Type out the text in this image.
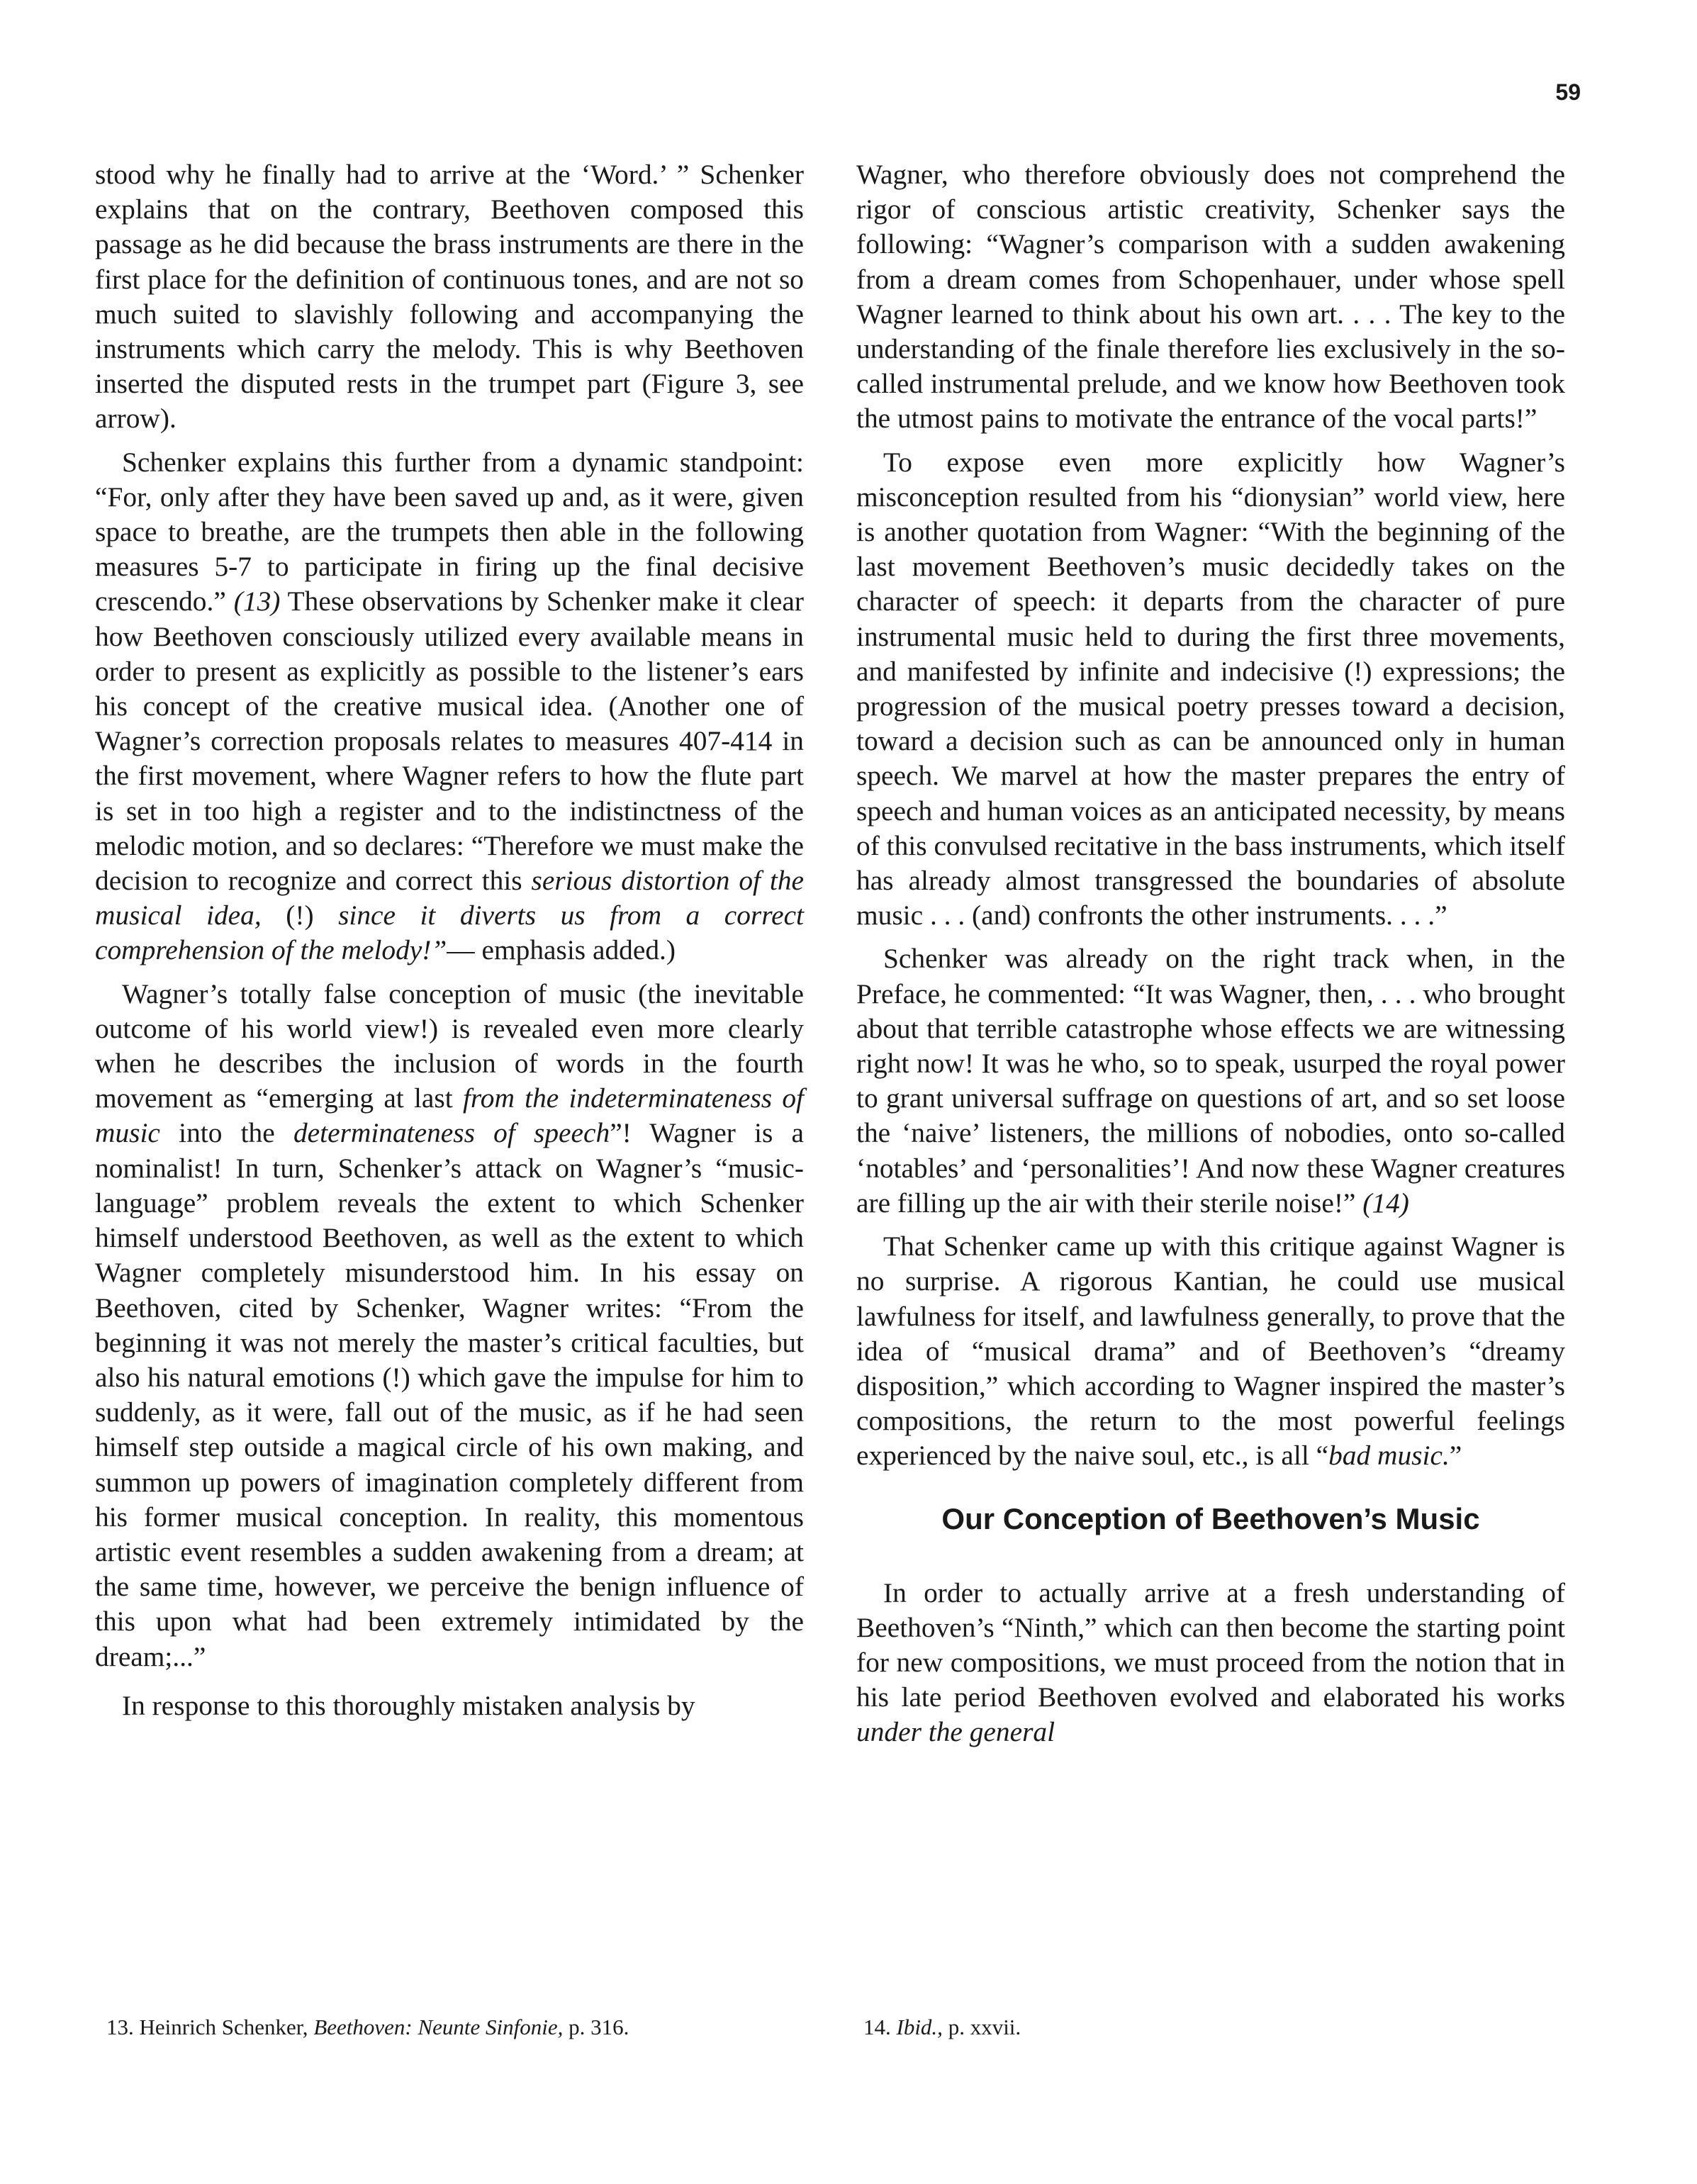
59

stood why he finally had to arrive at the ‘Word.’ ” Schenker explains that on the contrary, Beethoven composed this passage as he did because the brass instruments are there in the first place for the definition of continuous tones, and are not so much suited to slavishly following and accompanying the instruments which carry the melody. This is why Beethoven inserted the disputed rests in the trumpet part (Figure 3, see arrow).

Schenker explains this further from a dynamic standpoint: “For, only after they have been saved up and, as it were, given space to breathe, are the trumpets then able in the following measures 5-7 to participate in firing up the final decisive crescendo.” (13) These observations by Schenker make it clear how Beethoven consciously utilized every available means in order to present as explicitly as possible to the listener’s ears his concept of the creative musical idea. (Another one of Wagner’s correction proposals relates to measures 407-414 in the first movement, where Wagner refers to how the flute part is set in too high a register and to the indistinctness of the melodic motion, and so declares: “Therefore we must make the decision to recognize and correct this serious distortion of the musical idea, (!) since it diverts us from a correct comprehension of the melody!”— emphasis added.)

Wagner’s totally false conception of music (the inevitable outcome of his world view!) is revealed even more clearly when he describes the inclusion of words in the fourth movement as “emerging at last from the indeterminateness of music into the determinateness of speech”! Wagner is a nominalist! In turn, Schenker’s attack on Wagner’s “music-language” problem reveals the extent to which Schenker himself understood Beethoven, as well as the extent to which Wagner completely misunderstood him. In his essay on Beethoven, cited by Schenker, Wagner writes: “From the beginning it was not merely the master’s critical faculties, but also his natural emotions (!) which gave the impulse for him to suddenly, as it were, fall out of the music, as if he had seen himself step outside a magical circle of his own making, and summon up powers of imagination completely different from his former musical conception. In reality, this momentous artistic event resembles a sudden awakening from a dream; at the same time, however, we perceive the benign influence of this upon what had been extremely intimidated by the dream;...”

In response to this thoroughly mistaken analysis by

Wagner, who therefore obviously does not comprehend the rigor of conscious artistic creativity, Schenker says the following: “Wagner’s comparison with a sudden awakening from a dream comes from Schopenhauer, under whose spell Wagner learned to think about his own art. . . . The key to the understanding of the finale therefore lies exclusively in the so-called instrumental prelude, and we know how Beethoven took the utmost pains to motivate the entrance of the vocal parts!”

To expose even more explicitly how Wagner’s misconception resulted from his “dionysian” world view, here is another quotation from Wagner: “With the beginning of the last movement Beethoven’s music decidedly takes on the character of speech: it departs from the character of pure instrumental music held to during the first three movements, and manifested by infinite and indecisive (!) expressions; the progression of the musical poetry presses toward a decision, toward a decision such as can be announced only in human speech. We marvel at how the master prepares the entry of speech and human voices as an anticipated necessity, by means of this convulsed recitative in the bass instruments, which itself has already almost transgressed the boundaries of absolute music . . . (and) confronts the other instruments. . . .”

Schenker was already on the right track when, in the Preface, he commented: “It was Wagner, then, . . . who brought about that terrible catastrophe whose effects we are witnessing right now! It was he who, so to speak, usurped the royal power to grant universal suffrage on questions of art, and so set loose the ‘naive’ listeners, the millions of nobodies, onto so-called ‘notables’ and ‘personalities’! And now these Wagner creatures are filling up the air with their sterile noise!” (14)

That Schenker came up with this critique against Wagner is no surprise. A rigorous Kantian, he could use musical lawfulness for itself, and lawfulness generally, to prove that the idea of “musical drama” and of Beethoven’s “dreamy disposition,” which according to Wagner inspired the master’s compositions, the return to the most powerful feelings experienced by the naive soul, etc., is all “bad music.”

Our Conception of Beethoven’s Music

In order to actually arrive at a fresh understanding of Beethoven’s “Ninth,” which can then become the starting point for new compositions, we must proceed from the notion that in his late period Beethoven evolved and elaborated his works under the general

13. Heinrich Schenker, Beethoven: Neunte Sinfonie, p. 316.	14. Ibid., p. xxvii.
